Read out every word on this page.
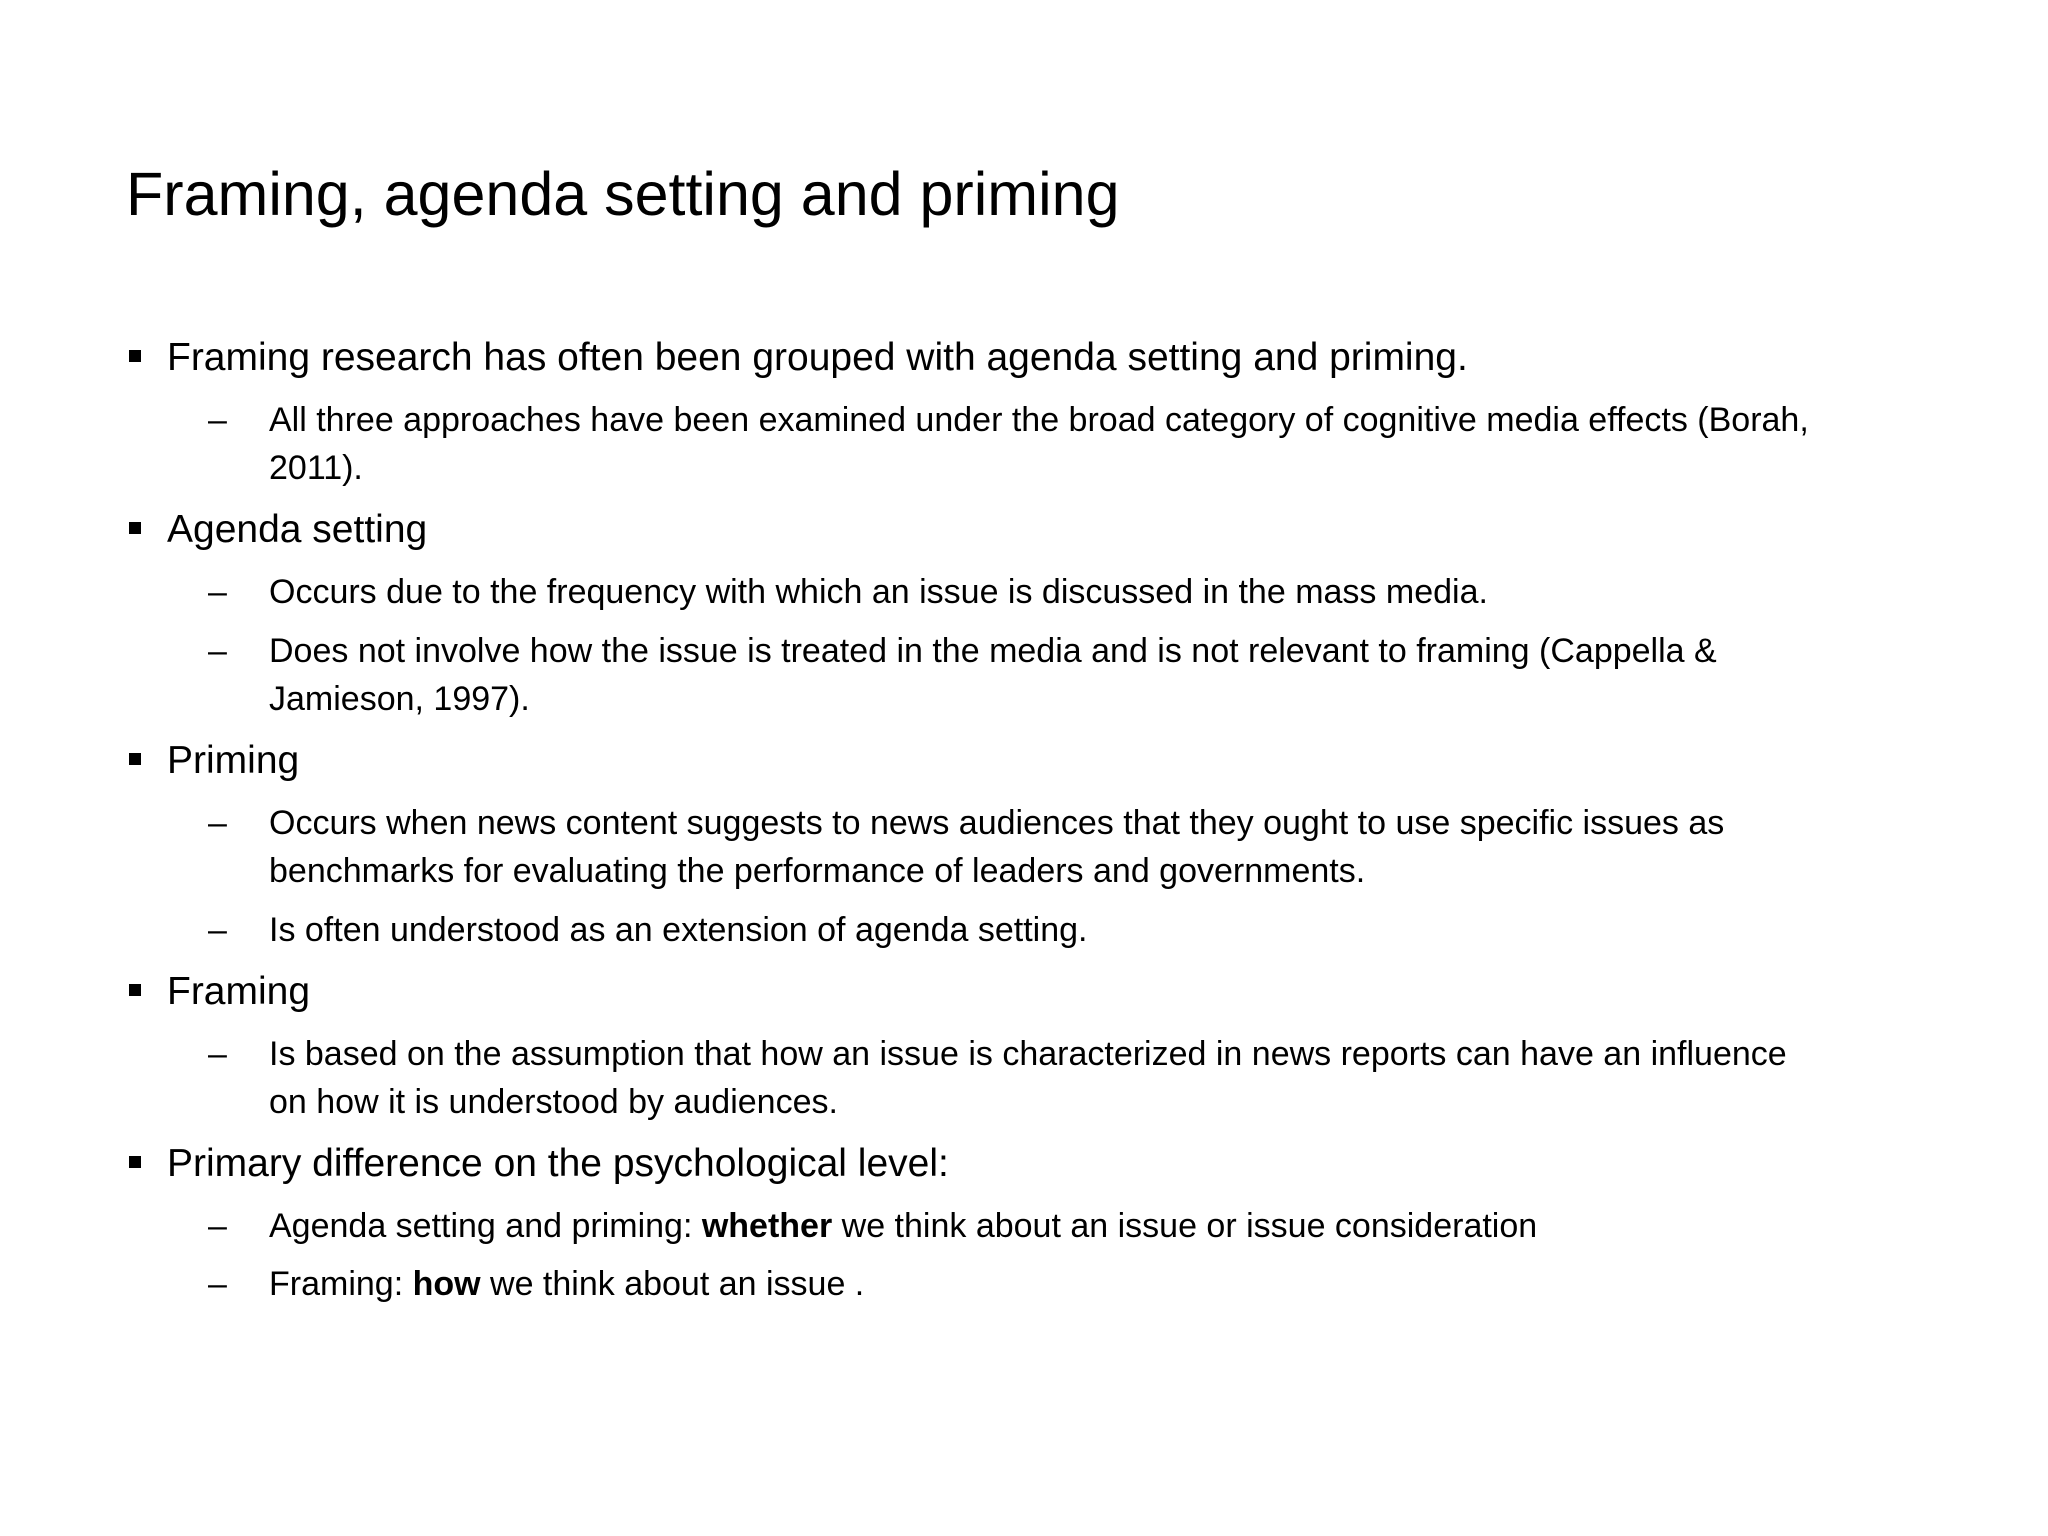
Framing, agenda setting and priming
Framing research has often been grouped with agenda setting and priming.
–	All three approaches have been examined under the broad category of cognitive media effects (Borah,
2011).
Agenda setting
–	Occurs due to the frequency with which an issue is discussed in the mass media.
–	Does not involve how the issue is treated in the media and is not relevant to framing (Cappella &
Jamieson, 1997).
Priming
–	Occurs when news content suggests to news audiences that they ought to use specific issues as
benchmarks for evaluating the performance of leaders and governments.
–	Is often understood as an extension of agenda setting.
Framing
–	Is based on the assumption that how an issue is characterized in news reports can have an influence
on how it is understood by audiences.
Primary difference on the psychological level:
–	Agenda setting and priming: whether we think about an issue or issue consideration
–	Framing: how we think about an issue .
